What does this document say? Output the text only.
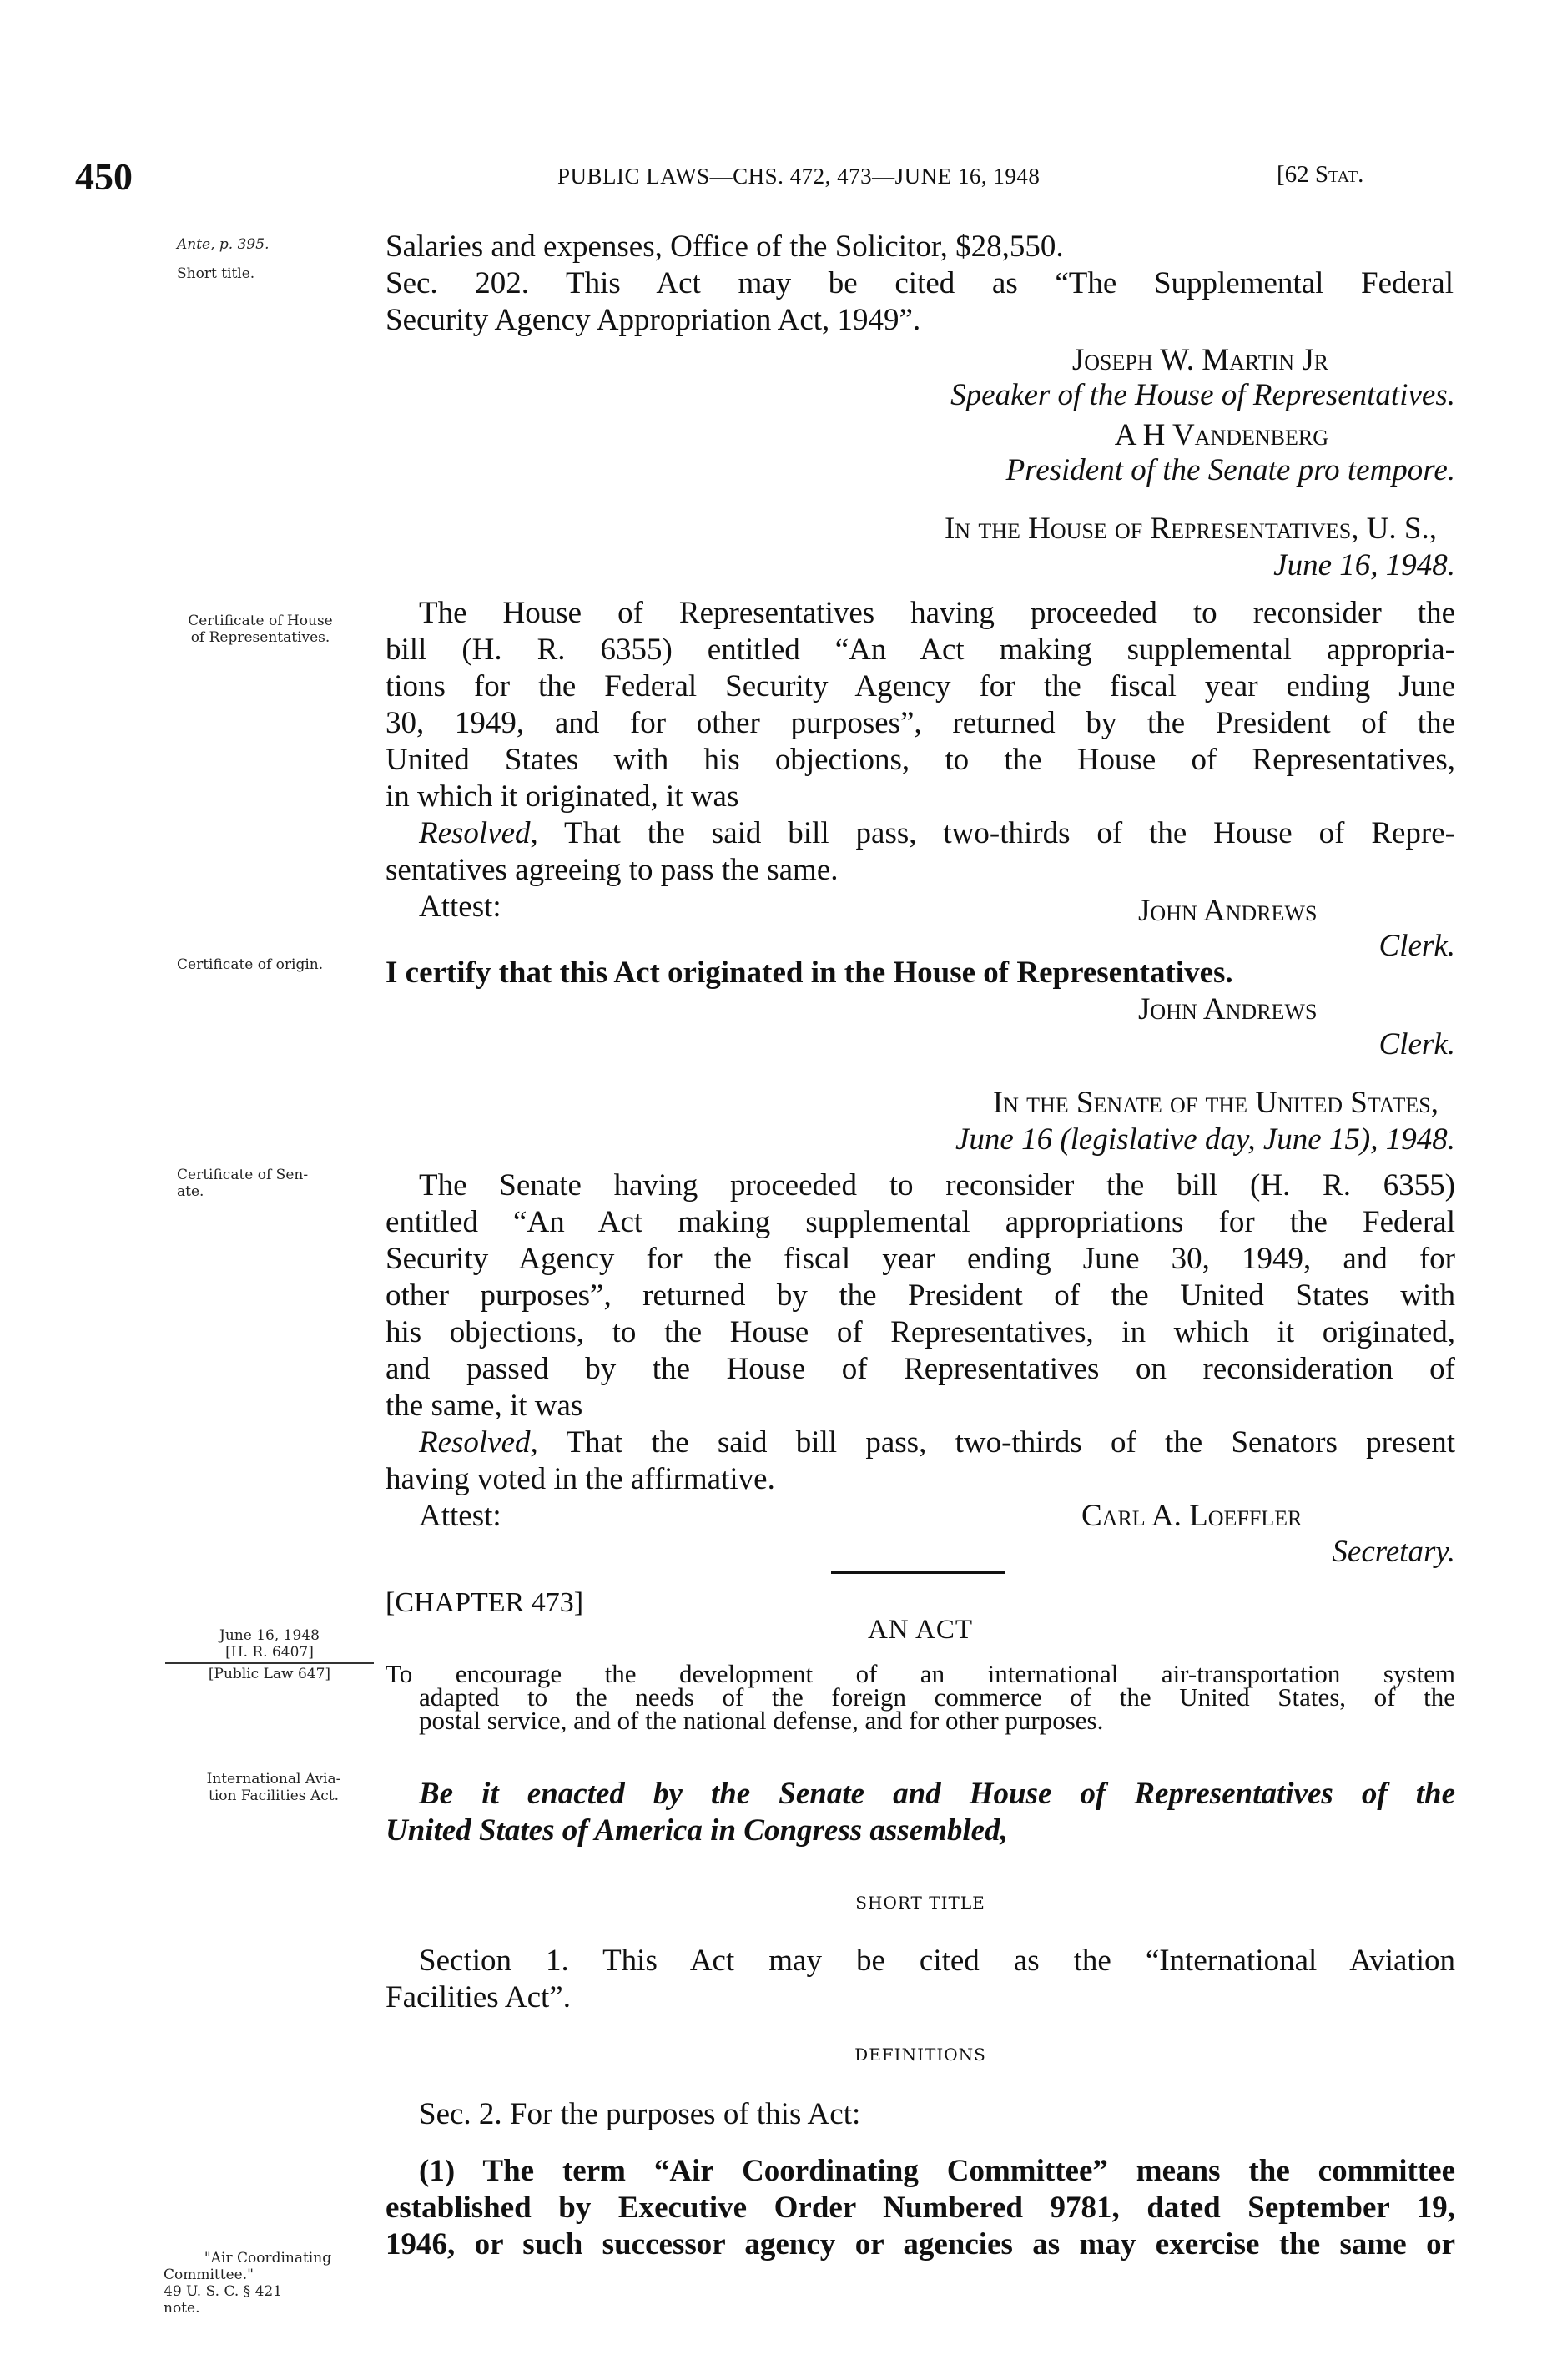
450	PUBLIC LAWS—CHS. 472, 473—JUNE 16, 1948	[62 Stat.
Ante, p. 395.
Short title.
Certificate of House
of Representatives.
Certificate of origin.
Certificate of Sen-
ate.
June 16, 1948
[H. R. 6407]
[Public Law 647]
International Avia-
tion Facilities Act.
"Air Coordinating
Committee."
49 U. S. C. § 421
note.
Salaries and expenses, Office of the Solicitor, $28,550.
Sec. 202. This Act may be cited as “The Supplemental Federal
Security Agency Appropriation Act, 1949”.
Joseph W. Martin Jr
Speaker of the House of Representatives.
A H Vandenberg
President of the Senate pro tempore.
In the House of Representatives, U. S.,
June 16, 1948.
The House of Representatives having proceeded to reconsider the
bill (H. R. 6355) entitled “An Act making supplemental appropria-
tions for the Federal Security Agency for the fiscal year ending June
30, 1949, and for other purposes”, returned by the President of the
United States with his objections, to the House of Representatives,
in which it originated, it was
Resolved, That the said bill pass, two-thirds of the House of Repre-
sentatives agreeing to pass the same.
Attest:	John Andrews
Clerk.
I certify that this Act originated in the House of Representatives.
John Andrews
Clerk.
In the Senate of the United States,
June 16 (legislative day, June 15), 1948.
The Senate having proceeded to reconsider the bill (H. R. 6355)
entitled “An Act making supplemental appropriations for the Federal
Security Agency for the fiscal year ending June 30, 1949, and for
other purposes”, returned by the President of the United States with
his objections, to the House of Representatives, in which it originated,
and passed by the House of Representatives on reconsideration of
the same, it was
Resolved, That the said bill pass, two-thirds of the Senators present
having voted in the affirmative.
Attest:	Carl A. Loeffler
Secretary.
[CHAPTER 473]
AN ACT
To encourage the development of an international air-transportation system
adapted to the needs of the foreign commerce of the United States, of the
postal service, and of the national defense, and for other purposes.
Be it enacted by the Senate and House of Representatives of the
United States of America in Congress assembled,
SHORT TITLE
Section 1. This Act may be cited as the “International Aviation
Facilities Act”.
DEFINITIONS
Sec. 2. For the purposes of this Act:
(1) The term “Air Coordinating Committee” means the committee
established by Executive Order Numbered 9781, dated September 19,
1946, or such successor agency or agencies as may exercise the same or
